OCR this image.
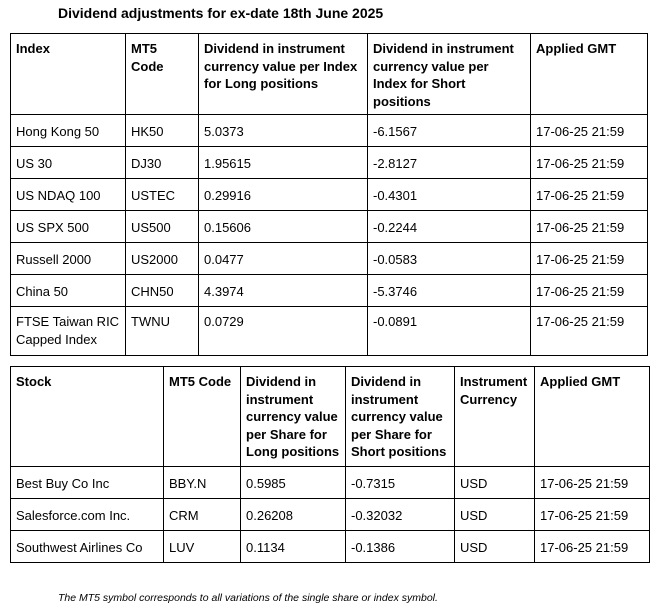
Dividend adjustments for ex-date 18th June 2025
Index	MT5 Code	Dividend in instrument currency value per Index for Long positions	Dividend in instrument currency value per Index for Short positions	Applied GMT
Hong Kong 50	HK50	5.0373	-6.1567	17-06-25 21:59
US 30	DJ30	1.95615	-2.8127	17-06-25 21:59
US NDAQ 100	USTEC	0.29916	-0.4301	17-06-25 21:59
US SPX 500	US500	0.15606	-0.2244	17-06-25 21:59
Russell 2000	US2000	0.0477	-0.0583	17-06-25 21:59
China 50	CHN50	4.3974	-5.3746	17-06-25 21:59
FTSE Taiwan RIC Capped Index	TWNU	0.0729	-0.0891	17-06-25 21:59
Stock	MT5 Code	Dividend in instrument currency value per Share for Long positions	Dividend in instrument currency value per Share for Short positions	Instrument Currency	Applied GMT
Best Buy Co Inc	BBY.N	0.5985	-0.7315	USD	17-06-25 21:59
Salesforce.com Inc.	CRM	0.26208	-0.32032	USD	17-06-25 21:59
Southwest Airlines Co	LUV	0.1134	-0.1386	USD	17-06-25 21:59
The MT5 symbol corresponds to all variations of the single share or index symbol.
